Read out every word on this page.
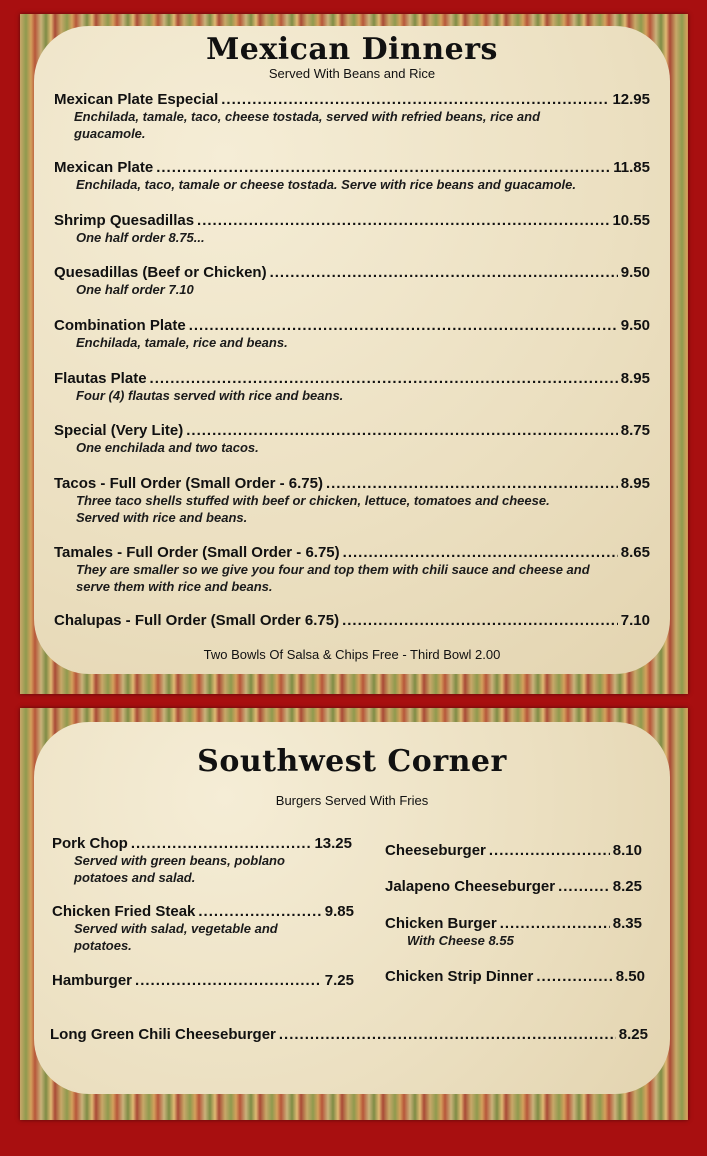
Mexican Dinners
Served With Beans and Rice
Mexican Plate Especial .....	12.95
Enchilada, tamale, taco, cheese tostada, served with refried beans, rice and guacamole.
Mexican Plate .....	11.85
Enchilada, taco, tamale or cheese tostada. Serve with rice beans and guacamole.
Shrimp Quesadillas .....	10.55
One half order 8.75...
Quesadillas (Beef or Chicken) .....	9.50
One half order 7.10
Combination Plate .....	9.50
Enchilada, tamale, rice and beans.
Flautas Plate .....	8.95
Four (4) flautas served with rice and beans.
Special (Very Lite) .....	8.75
One enchilada and two tacos.
Tacos - Full Order (Small Order - 6.75) .....	8.95
Three taco shells stuffed with beef or chicken, lettuce, tomatoes and cheese. Served with rice and beans.
Tamales - Full Order (Small Order - 6.75) .....	8.65
They are smaller so we give you four and top them with chili sauce and cheese and serve them with rice and beans.
Chalupas - Full Order (Small Order 6.75) .....	7.10
Two Bowls Of Salsa & Chips Free - Third Bowl 2.00
Southwest Corner
Burgers Served With Fries
Pork Chop .....	13.25
Served with green beans, poblano potatoes and salad.
Chicken Fried Steak .....	9.85
Served with salad, vegetable and potatoes.
Hamburger .....	7.25
Cheeseburger .....	8.10
Jalapeno Cheeseburger .....	8.25
Chicken Burger .....	8.35
With Cheese 8.55
Chicken Strip Dinner .....	8.50
Long Green Chili Cheeseburger .....	8.25
